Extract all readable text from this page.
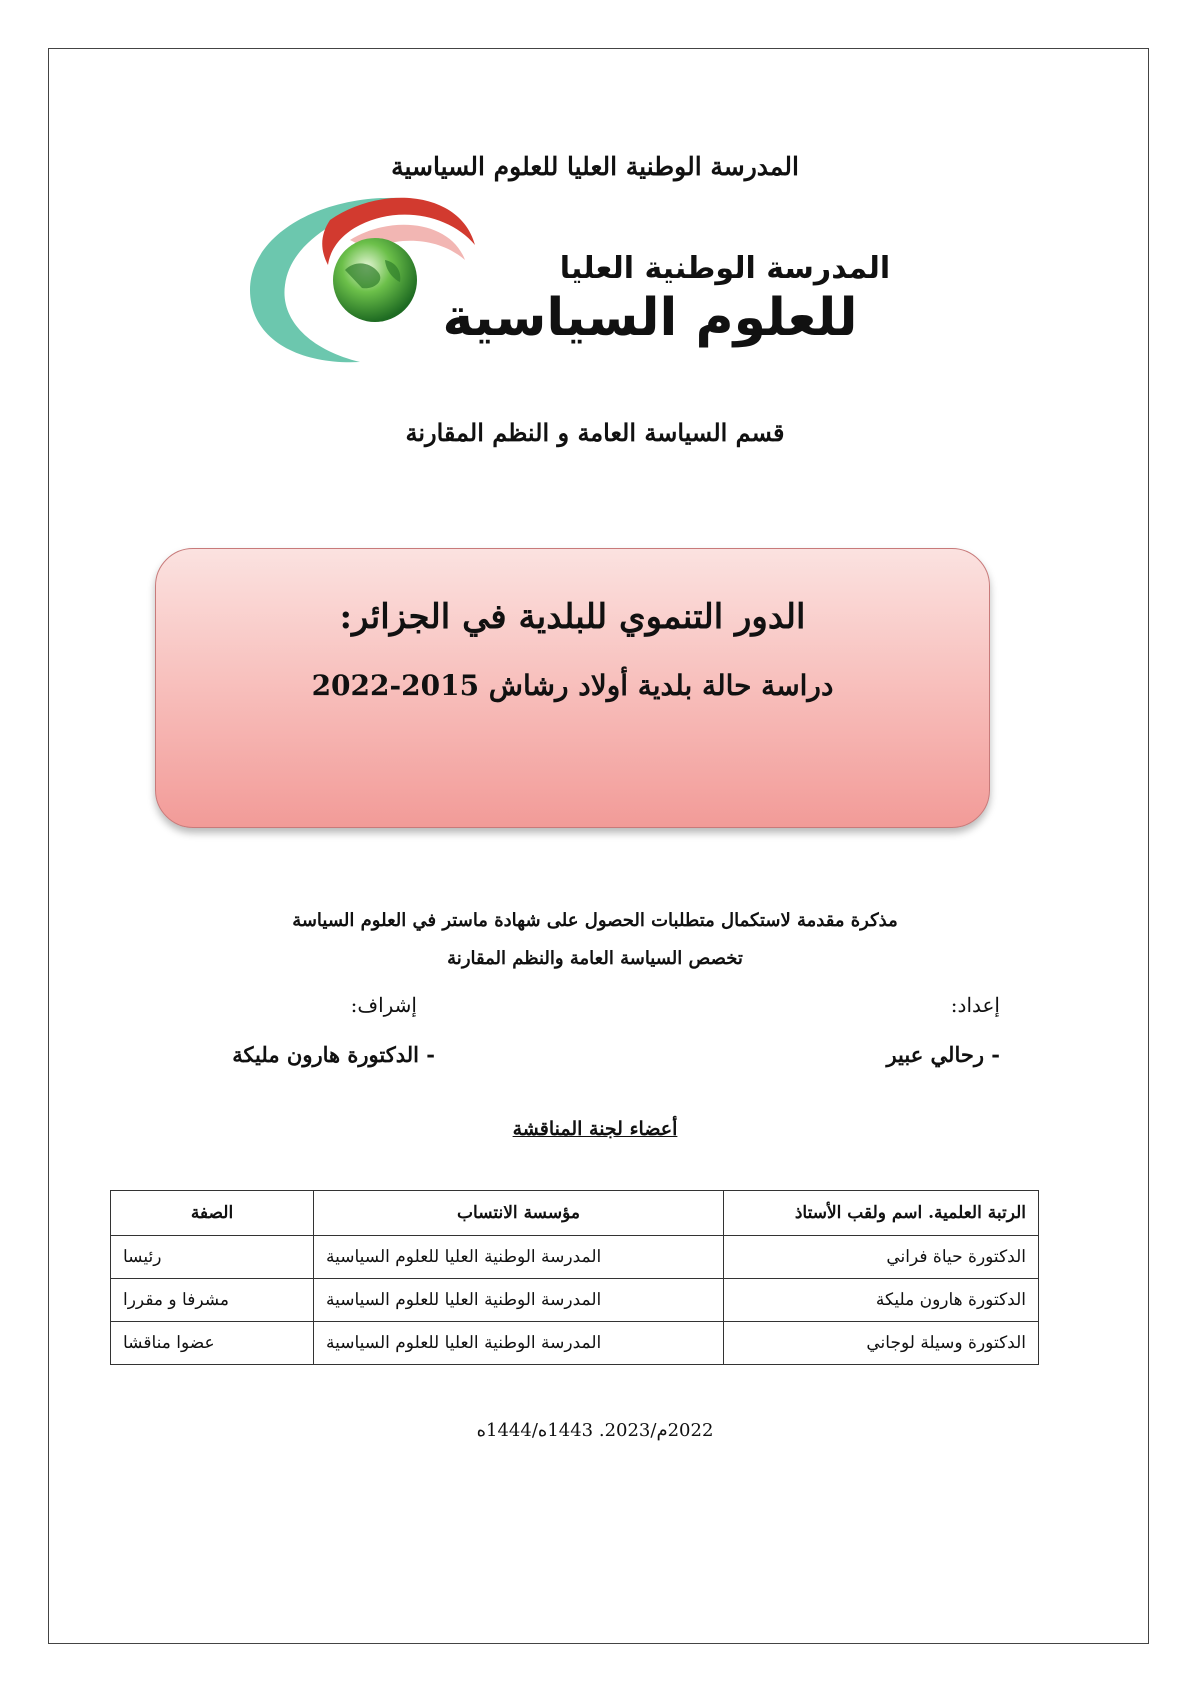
المدرسة الوطنية العليا للعلوم السياسية
المدرسة الوطنية العليا
للعلوم السياسية
قسم السياسة العامة و النظم المقارنة
الدور التنموي للبلدية في الجزائر:
دراسة حالة بلدية أولاد رشاش 2015-2022
مذكرة مقدمة لاستكمال متطلبات الحصول على شهادة ماستر في العلوم السياسة
تخصص السياسة العامة والنظم المقارنة
إعداد:
إشراف:
- رحالي عبير
- الدكتورة هارون مليكة
أعضاء لجنة المناقشة
الرتبة العلمية. اسم ولقب الأستاذ	مؤسسة الانتساب	الصفة
الدكتورة حياة فراني	المدرسة الوطنية العليا للعلوم السياسية	رئيسا
الدكتورة هارون مليكة	المدرسة الوطنية العليا للعلوم السياسية	مشرفا و مقررا
الدكتورة وسيلة لوجاني	المدرسة الوطنية العليا للعلوم السياسية	عضوا مناقشا
2022م/2023. 1443ه/1444ه
